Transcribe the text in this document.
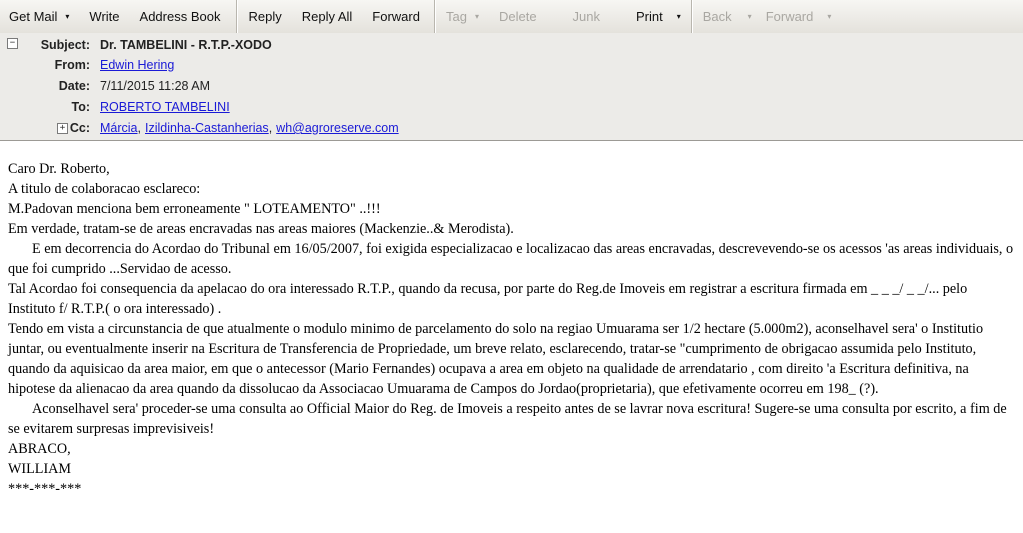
Get Mail ▾	Write	Address Book	Reply	Reply All	Forward	Tag ▾	Delete	Junk	Print ▾ Back ▾ Forward ▾
−	Subject: Dr. TAMBELINI - R.T.P.-XODO
From: Edwin Hering
Date: 7/11/2015 11:28 AM
To: ROBERTO TAMBELINI
+ Cc: Márcia , Izildinha-Castanherias , wh@agroreserve.com

Caro Dr. Roberto,

A titulo de colaboracao esclareco:

M.Padovan menciona bem erroneamente " LOTEAMENTO" ..!!!

Em verdade, tratam-se de areas encravadas nas areas maiores (Mackenzie..& Merodista).

E em decorrencia do Acordao do Tribunal em 16/05/2007, foi exigida especializacao e localizacao das areas encravadas, descrevevendo-se os acessos 'as areas individuais, o que foi cumprido ...Servidao de acesso.

Tal Acordao foi consequencia da apelacao do ora interessado R.T.P., quando da recusa, por parte do Reg.de Imoveis em registrar a escritura firmada em _ _ _/ _ _/... pelo Instituto f/ R.T.P.( o ora interessado) .

Tendo em vista a circunstancia de que atualmente o modulo minimo de parcelamento do solo na regiao Umuarama ser 1/2 hectare (5.000m2), aconselhavel sera' o Institutio juntar, ou eventualmente inserir na Escritura de Transferencia de Propriedade, um breve relato, esclarecendo, tratar-se "cumprimento de obrigacao assumida pelo Instituto, quando da aquisicao da area maior, em que o antecessor (Mario Fernandes) ocupava a area em objeto na qualidade de arrendatario , com direito 'a Escritura definitiva, na hipotese da alienacao da area quando da dissolucao da Associacao Umuarama de Campos do Jordao(proprietaria), que efetivamente ocorreu em 198_ (?).

Aconselhavel sera' proceder-se uma consulta ao Official Maior do Reg. de Imoveis a respeito antes de se lavrar nova escritura! Sugere-se uma consulta por escrito, a fim de se evitarem surpresas imprevisiveis!

ABRACO,

WILLIAM

***-***-***
